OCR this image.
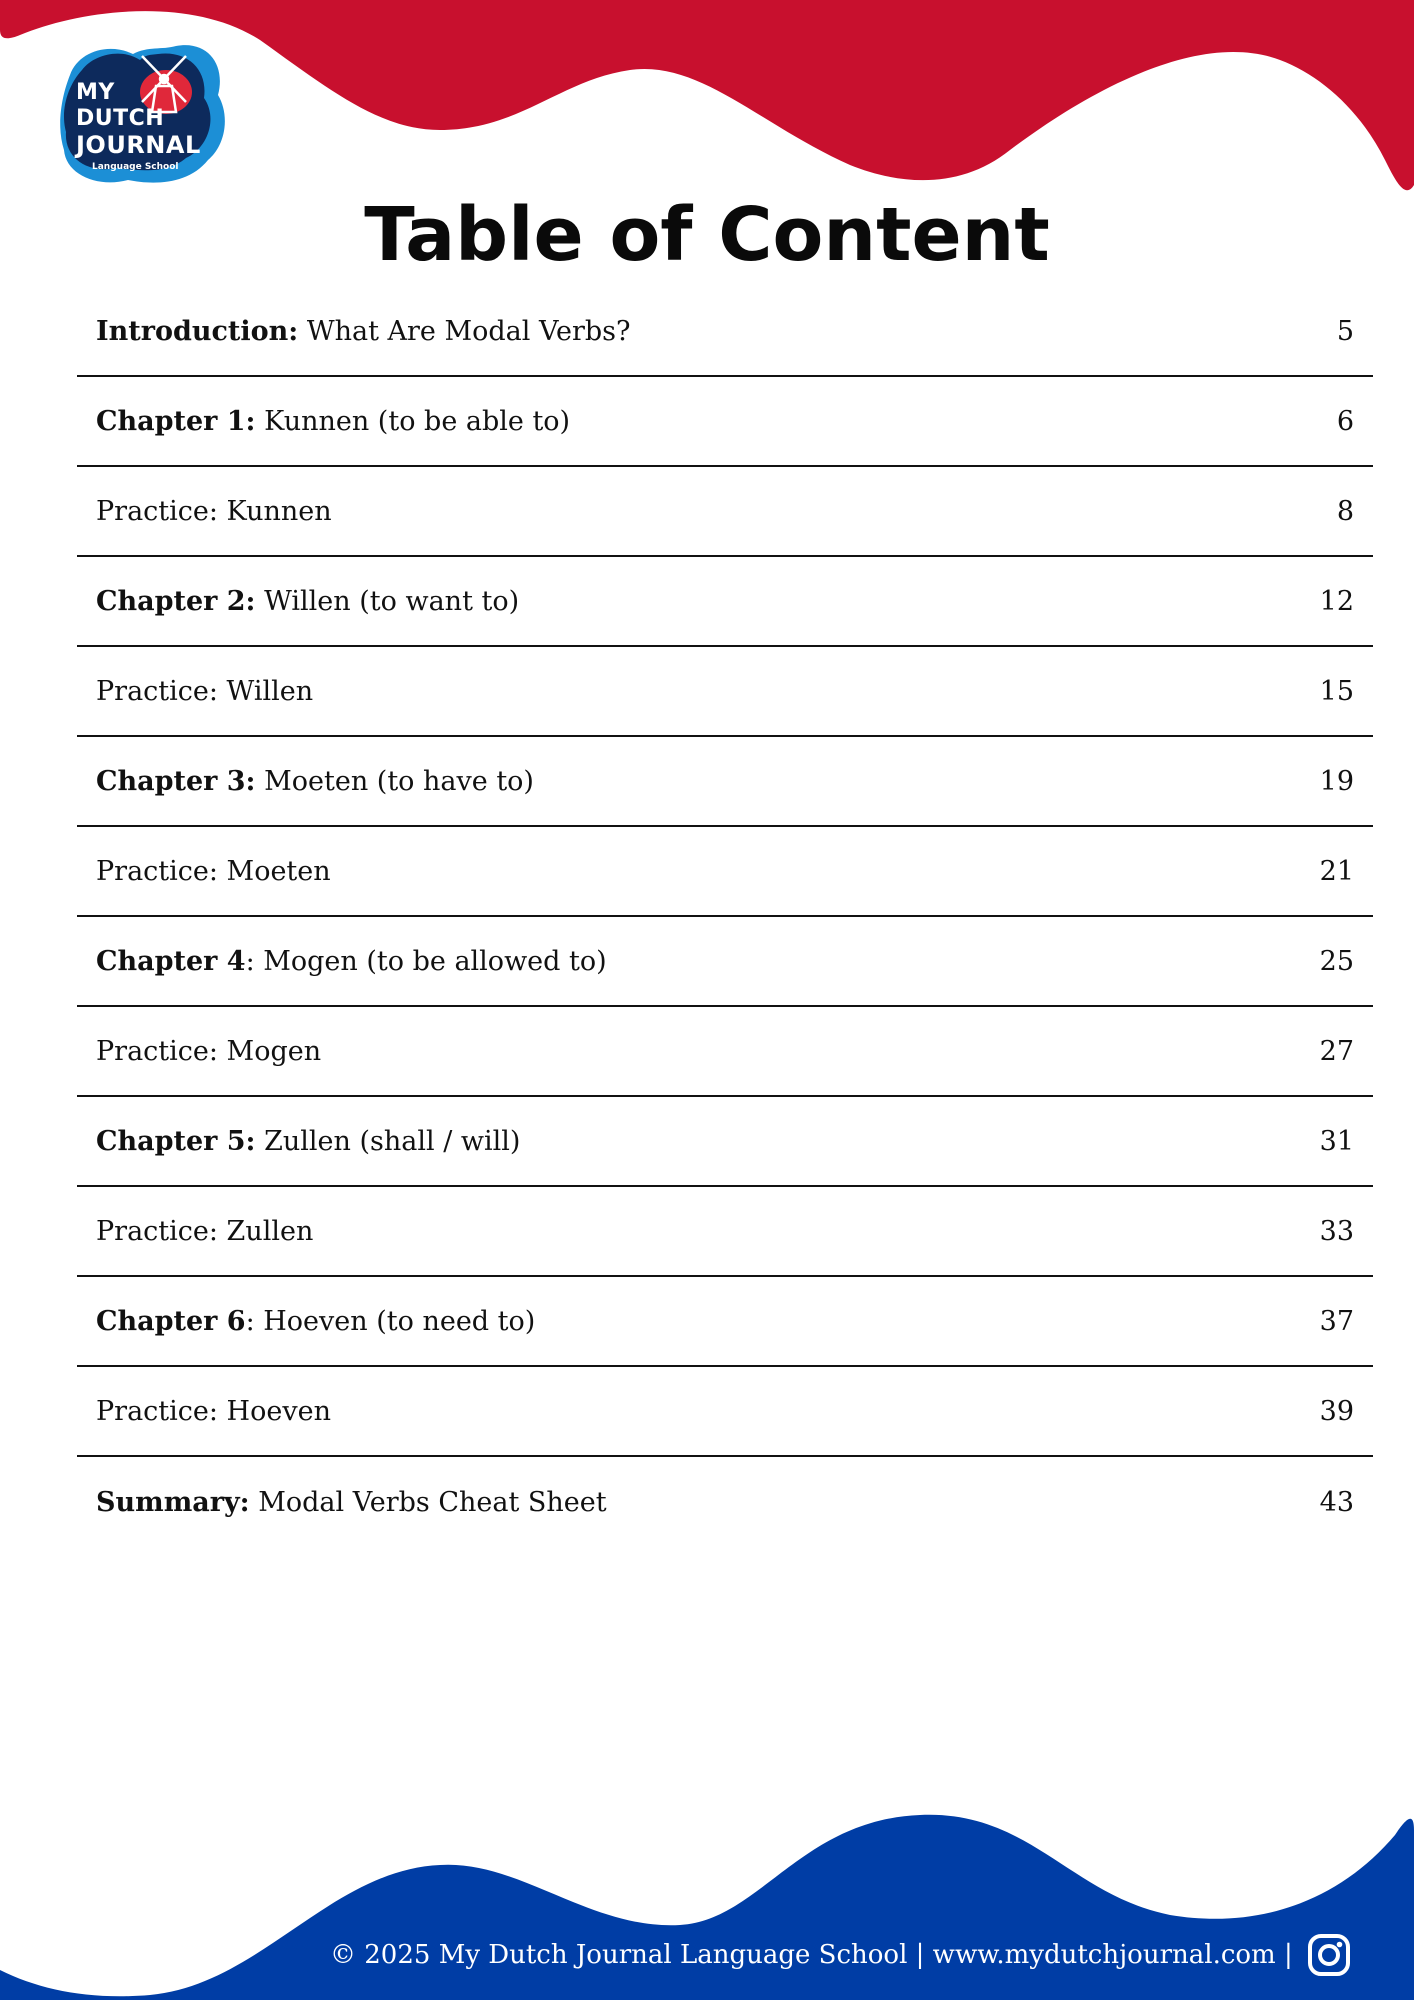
MY
DUTCH
JOURNAL
Language School
Table of Content
Introduction: What Are Modal Verbs?	5
Chapter 1: Kunnen (to be able to)	6
Practice: Kunnen	8
Chapter 2: Willen (to want to)	12
Practice: Willen	15
Chapter 3: Moeten (to have to)	19
Practice: Moeten	21
Chapter 4: Mogen (to be allowed to)	25
Practice: Mogen	27
Chapter 5: Zullen (shall / will)	31
Practice: Zullen	33
Chapter 6: Hoeven (to need to)	37
Practice: Hoeven	39
Summary: Modal Verbs Cheat Sheet	43
© 2025 My Dutch Journal Language School | www.mydutchjournal.com |
